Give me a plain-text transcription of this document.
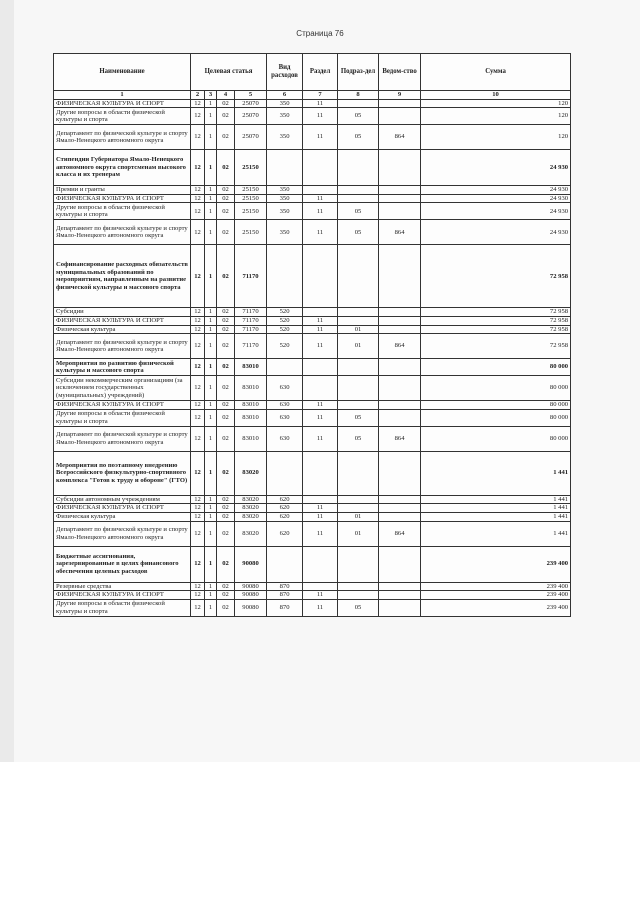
Страница 76
Наименование	Целевая статья				Вид расходов	Раздел	Подраз-дел	Ведом-ство	Сумма
1	2	3	4	5	6	7	8	9	10
ФИЗИЧЕСКАЯ КУЛЬТУРА И СПОРТ	12	1	02	25070	350	11			120
Другие вопросы в области физической культуры и спорта	12	1	02	25070	350	11	05		120
Департамент по физической культуре и спорту Ямало-Ненецкого автономного округа	12	1	02	25070	350	11	05	864	120
Стипендии Губернатора Ямало-Ненецкого автономного округа спортсменам высокого класса и их тренерам	12	1	02	25150					24 930
Премии и гранты	12	1	02	25150	350				24 930
ФИЗИЧЕСКАЯ КУЛЬТУРА И СПОРТ	12	1	02	25150	350	11			24 930
Другие вопросы в области физической культуры и спорта	12	1	02	25150	350	11	05		24 930
Департамент по физической культуре и спорту Ямало-Ненецкого автономного округа	12	1	02	25150	350	11	05	864	24 930
Софинансирование расходных обязательств муниципальных образований по мероприятиям, направленным на развитие физической культуры и массового спорта	12	1	02	71170					72 958
Субсидии	12	1	02	71170	520				72 958
ФИЗИЧЕСКАЯ КУЛЬТУРА И СПОРТ	12	1	02	71170	520	11			72 958
Физическая культура	12	1	02	71170	520	11	01		72 958
Департамент по физической культуре и спорту Ямало-Ненецкого автономного округа	12	1	02	71170	520	11	01	864	72 958
Мероприятия по развитию физической культуры и массового спорта	12	1	02	83010					80 000
Субсидии некоммерческим организациям (за исключением государственных (муниципальных) учреждений)	12	1	02	83010	630				80 000
ФИЗИЧЕСКАЯ КУЛЬТУРА И СПОРТ	12	1	02	83010	630	11			80 000
Другие вопросы в области физической культуры и спорта	12	1	02	83010	630	11	05		80 000
Департамент по физической культуре и спорту Ямало-Ненецкого автономного округа	12	1	02	83010	630	11	05	864	80 000
Мероприятия по поэтапному внедрению Всероссийского физкультурно-спортивного комплекса "Готов к труду и обороне" (ГТО)	12	1	02	83020					1 441
Субсидии автономным учреждениям	12	1	02	83020	620				1 441
ФИЗИЧЕСКАЯ КУЛЬТУРА И СПОРТ	12	1	02	83020	620	11			1 441
Физическая культура	12	1	02	83020	620	11	01		1 441
Департамент по физической культуре и спорту Ямало-Ненецкого автономного округа	12	1	02	83020	620	11	01	864	1 441
Бюджетные ассигнования, зарезервированные в целях финансового обеспечения целевых расходов	12	1	02	90080					239 400
Резервные средства	12	1	02	90080	870				239 400
ФИЗИЧЕСКАЯ КУЛЬТУРА И СПОРТ	12	1	02	90080	870	11			239 400
Другие вопросы в области физической культуры и спорта	12	1	02	90080	870	11	05		239 400
